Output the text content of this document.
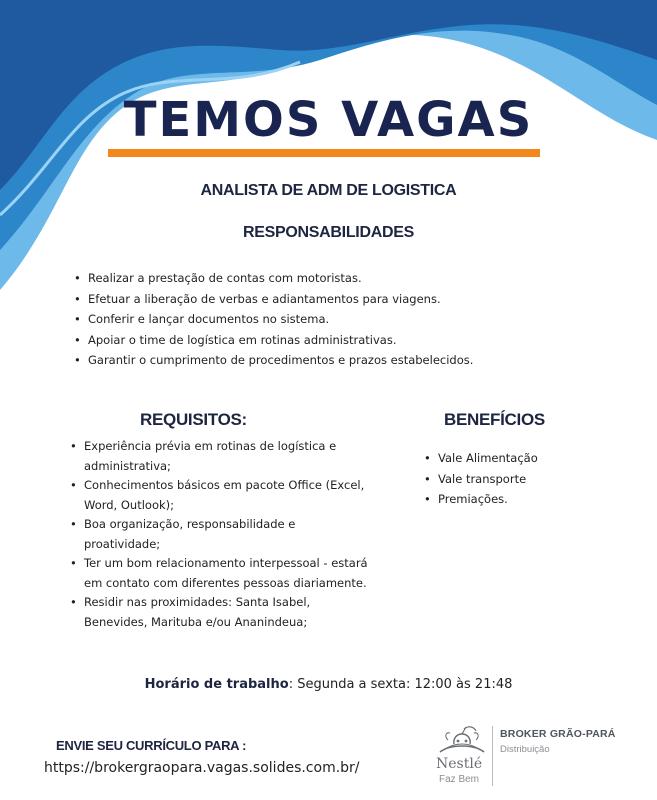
TEMOS VAGAS
ANALISTA DE ADM DE LOGISTICA
RESPONSABILIDADES
• Realizar a prestação de contas com motoristas.
• Efetuar a liberação de verbas e adiantamentos para viagens.
• Conferir e lançar documentos no sistema.
• Apoiar o time de logística em rotinas administrativas.
• Garantir o cumprimento de procedimentos e prazos estabelecidos.
REQUISITOS:	BENEFÍCIOS
• Experiência prévia em rotinas de logística e administrativa;
• Conhecimentos básicos em pacote Office (Excel, Word, Outlook);
• Boa organização, responsabilidade e proatividade;
• Ter um bom relacionamento interpessoal - estará em contato com diferentes pessoas diariamente.
• Residir nas proximidades: Santa Isabel, Benevides, Marituba e/ou Ananindeua;
• Vale Alimentação
• Vale transporte
• Premiações.
Horário de trabalho: Segunda a sexta: 12:00 às 21:48
ENVIE SEU CURRÍCULO PARA :
https://brokergraopara.vagas.solides.com.br/	Nestlé
Faz Bem
BROKER GRÃO-PARÁ
Distribuição
